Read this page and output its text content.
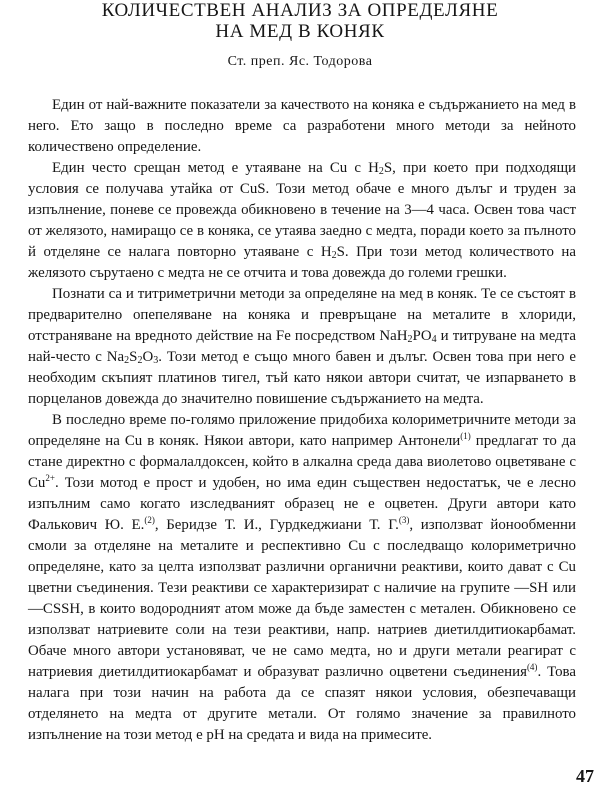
КОЛИЧЕСТВЕН АНАЛИЗ ЗА ОПРЕДЕЛЯНЕ
НА МЕД В КОНЯК

Ст. преп. Яс. Тодорова

Един от най-важните показатели за качеството на коняка е съдържанието на мед в него. Ето защо в последно време са разработени много методи за нейното количествено определение.

Един често срещан метод е утаяване на Cu с $H_2S$, при което при подходящи условия се получава утайка от CuS. Този метод обаче е много дълъг и труден за изпълнение, поневе се провежда обикновено в течение на 3—4 часа. Освен това част от желязото, намиращо се в коняка, се утаява заедно с медта, поради което за пълното й отделяне се налага повторно утаяване с $H_2S$. При този метод количеството на желязото сърутаено с медта не се отчита и това довежда до големи грешки.

Познати са и титриметрични методи за определяне на мед в коняк. Те се състоят в предварително опепеляване на коняка и превръщане на металите в хлориди, отстраняване на вредното действие на Fe посредством $NaH_2PO_4$ и титруване на медта най-често с $Na_2S_2O_3$. Този метод е също много бавен и дълъг. Освен това при него е необходим скъпият платинов тигел, тъй като някои автори считат, че изпарването в порцеланов довежда до значително повишение съдържанието на медта.

В последно време по-голямо приложение придобиха колориметричните методи за определяне на Cu в коняк. Някои автори, като например Антонели$^{(1)}$ предлагат то да стане директно с формалалдоксен, който в алкална среда дава виолетово оцветяване с $Cu^{2+}$. Този мотод е прост и удобен, но има един съществен недостатък, че е лесно изпълним само когато изследваният образец не е оцветен. Други автори като Фалькович Ю. Е.$^{(2)}$, Беридзе Т. И., Гурдкеджиани Т. Г.$^{(3)}$, използват йонообменни смоли за отделяне на металите и респективно Cu с последващо колориметрично определяне, като за целта използват различни органични реактиви, които дават с Cu цветни съединения. Тези реактиви се характеризират с наличие на групите —SH или —CSSH, в които водородният атом може да бъде заместен с метален. Обикновено се използват натриевите соли на тези реактиви, напр. натриев диетилдитиокарбамат. Обаче много автори установяват, че не само медта, но и други метали реагират с натриевия диетилдитиокарбамат и образуват различно оцветени съединения$^{(4)}$. Това налага при този начин на работа да се спазят някои условия, обезпечаващи отделянето на медта от другите метали. От голямо значение за правилното изпълнение на този метод е pH на средата и вида на примесите.

47
